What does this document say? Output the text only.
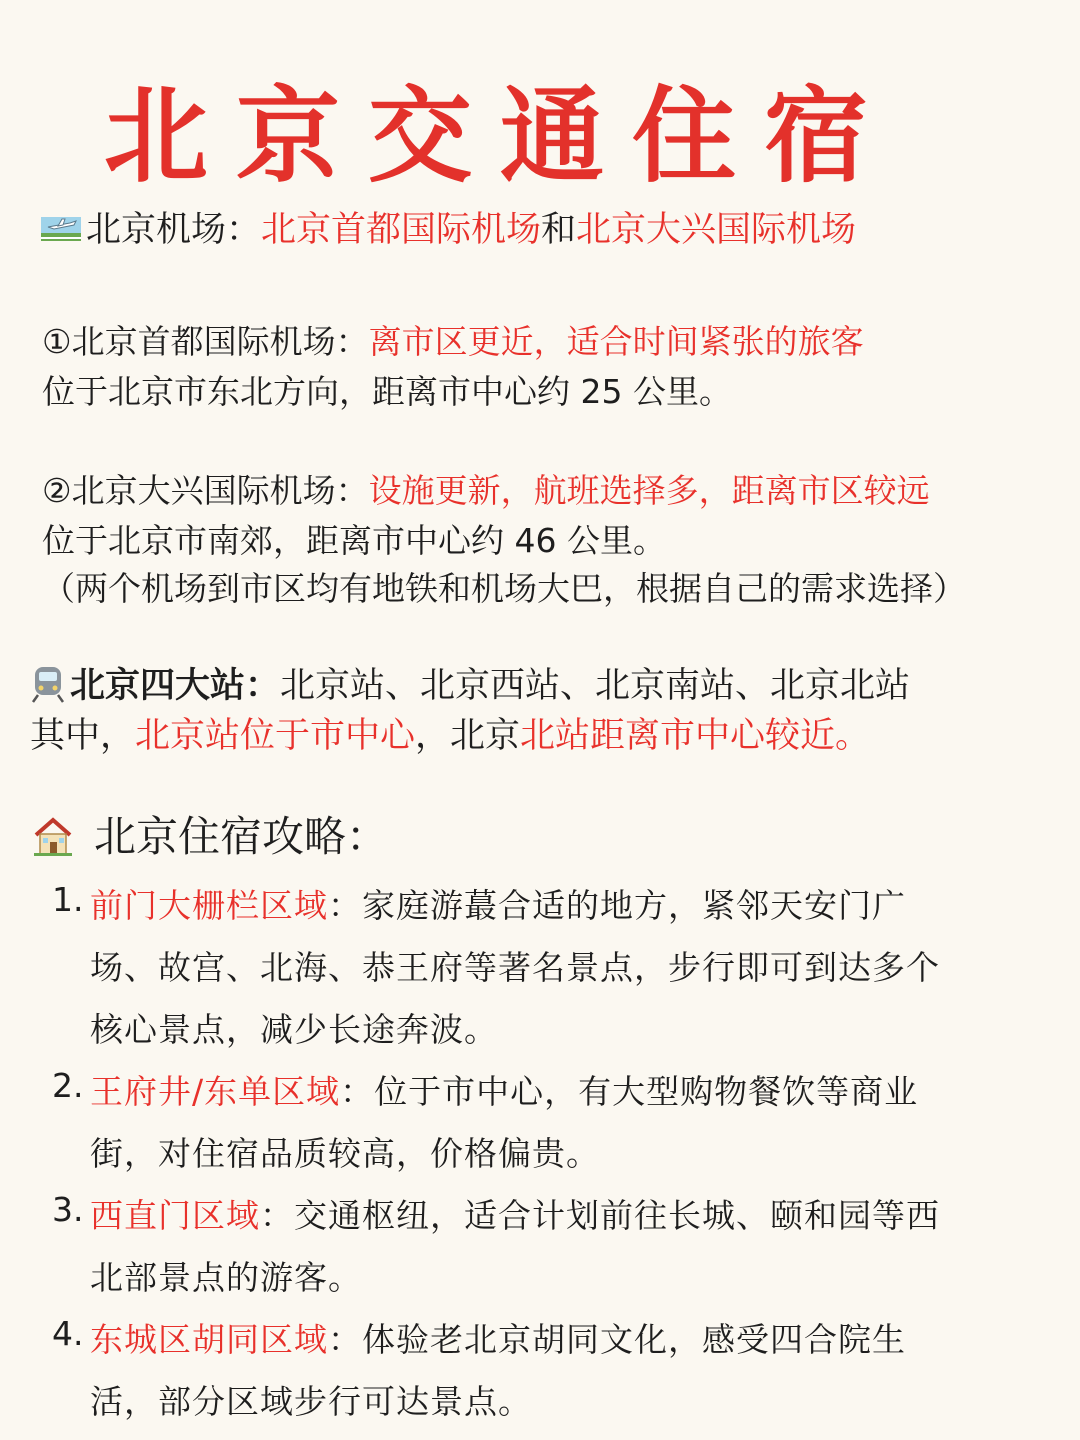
北京交通住宿
北京机场：北京首都国际机场和北京大兴国际机场
①北京首都国际机场：离市区更近，适合时间紧张的旅客
位于北京市东北方向，距离市中心约 25 公里。
②北京大兴国际机场：设施更新，航班选择多，距离市区较远
位于北京市南郊，距离市中心约 46 公里。
（两个机场到市区均有地铁和机场大巴，根据自己的需求选择）
北京四大站：北京站、北京西站、北京南站、北京北站
其中，北京站位于市中心，北京北站距离市中心较近。
北京住宿攻略：
1. 前门大栅栏区域：家庭游蕞合适的地方，紧邻天安门广
场、故宫、北海、恭王府等著名景点，步行即可到达多个
核心景点，减少长途奔波。
2. 王府井/东单区域：位于市中心，有大型购物餐饮等商业
街，对住宿品质较高，价格偏贵。
3. 西直门区域：交通枢纽，适合计划前往长城、颐和园等西
北部景点的游客。
4. 东城区胡同区域：体验老北京胡同文化，感受四合院生
活，部分区域步行可达景点。
